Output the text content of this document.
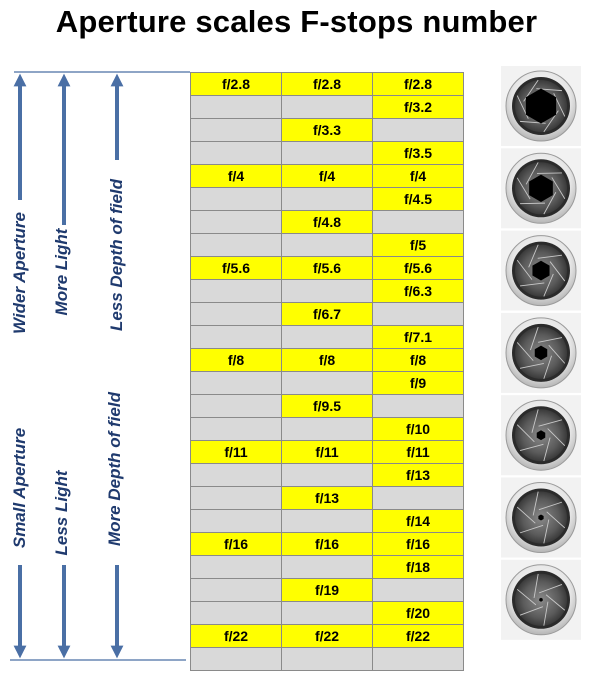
Aperture scales F-stops number
Wider Aperture More Light Less Depth of field
Small Aperture Less Light More Depth of field
f/2.8	f/2.8	f/2.8
		f/3.2
	f/3.3	
		f/3.5
f/4	f/4	f/4
		f/4.5
	f/4.8	
		f/5
f/5.6	f/5.6	f/5.6
		f/6.3
	f/6.7	
		f/7.1
f/8	f/8	f/8
		f/9
	f/9.5	
		f/10
f/11	f/11	f/11
		f/13
	f/13	
		f/14
f/16	f/16	f/16
		f/18
	f/19	
		f/20
f/22	f/22	f/22
